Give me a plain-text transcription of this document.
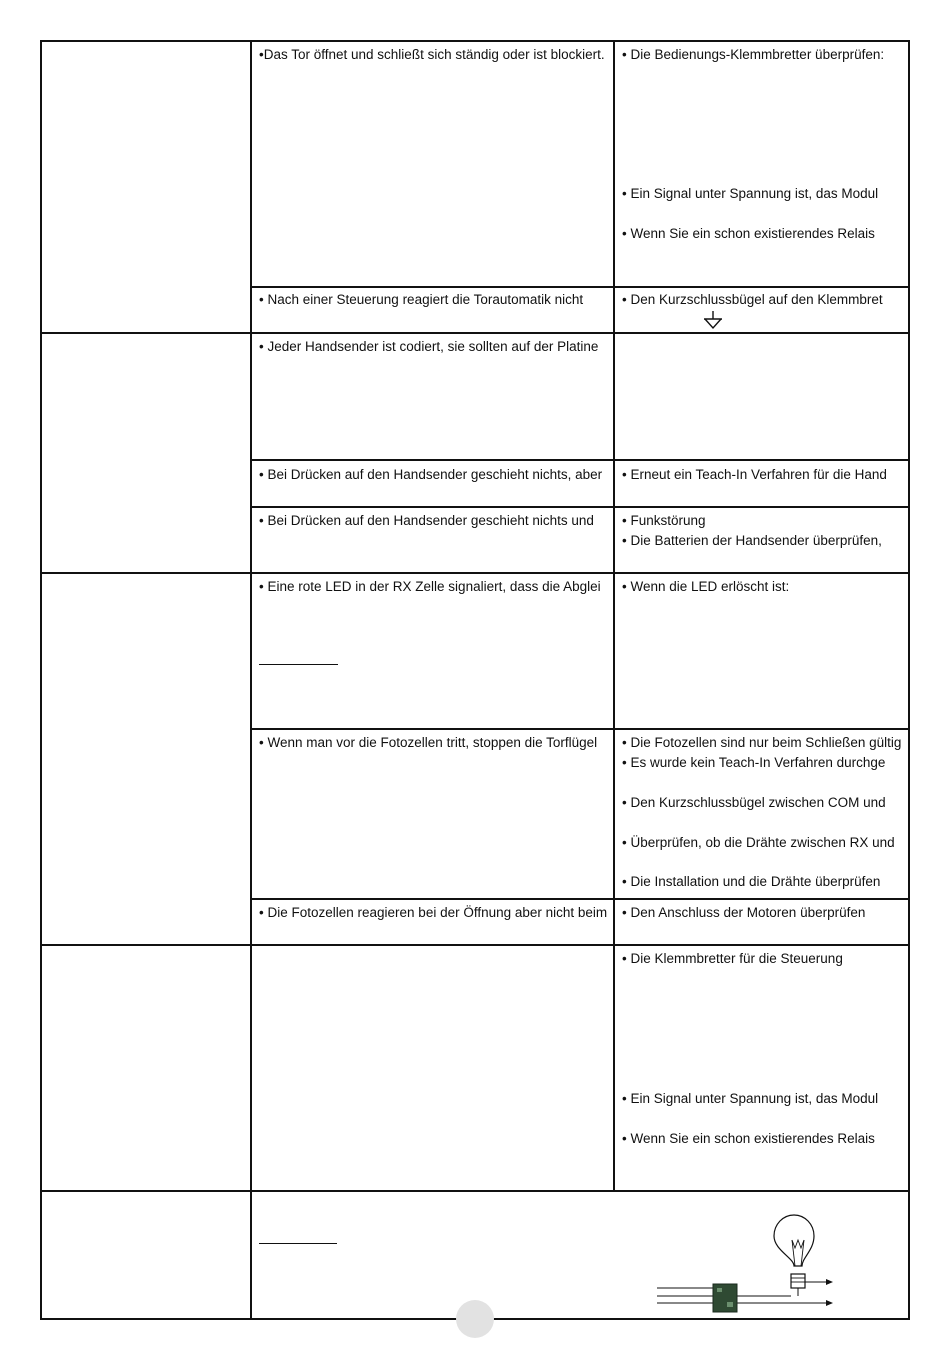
•Das Tor öffnet und schließt sich ständig oder ist blockiert. • Die Bedienungs-Klemmbretter überprüfen:
• Ein Signal unter Spannung ist, das Modul
• Wenn Sie ein schon existierendes Relais
• Nach einer Steuerung reagiert die Torautomatik nicht	• Den Kurzschlussbügel auf den Klemmbret
• Jeder Handsender ist codiert, sie sollten auf der Platine
• Bei Drücken auf den Handsender geschieht nichts, aber • Erneut ein Teach-In Verfahren für die Hand
• Bei Drücken auf den Handsender geschieht nichts und • Funkstörung
• Die Batterien der Handsender überprüfen,
• Eine rote LED in der RX Zelle signaliert, dass die Abglei • Wenn die LED erlöscht ist:
• Wenn man vor die Fotozellen tritt, stoppen die Torflügel • Die Fotozellen sind nur beim Schließen gültig
• Es wurde kein Teach-In Verfahren durchge
• Den Kurzschlussbügel zwischen COM und
• Überprüfen, ob die Drähte zwischen RX und
• Die Installation und die Drähte überprüfen
• Die Fotozellen reagieren bei der Öffnung aber nicht beim • Den Anschluss der Motoren überprüfen
• Die Klemmbretter für die Steuerung
• Ein Signal unter Spannung ist, das Modul
• Wenn Sie ein schon existierendes Relais
